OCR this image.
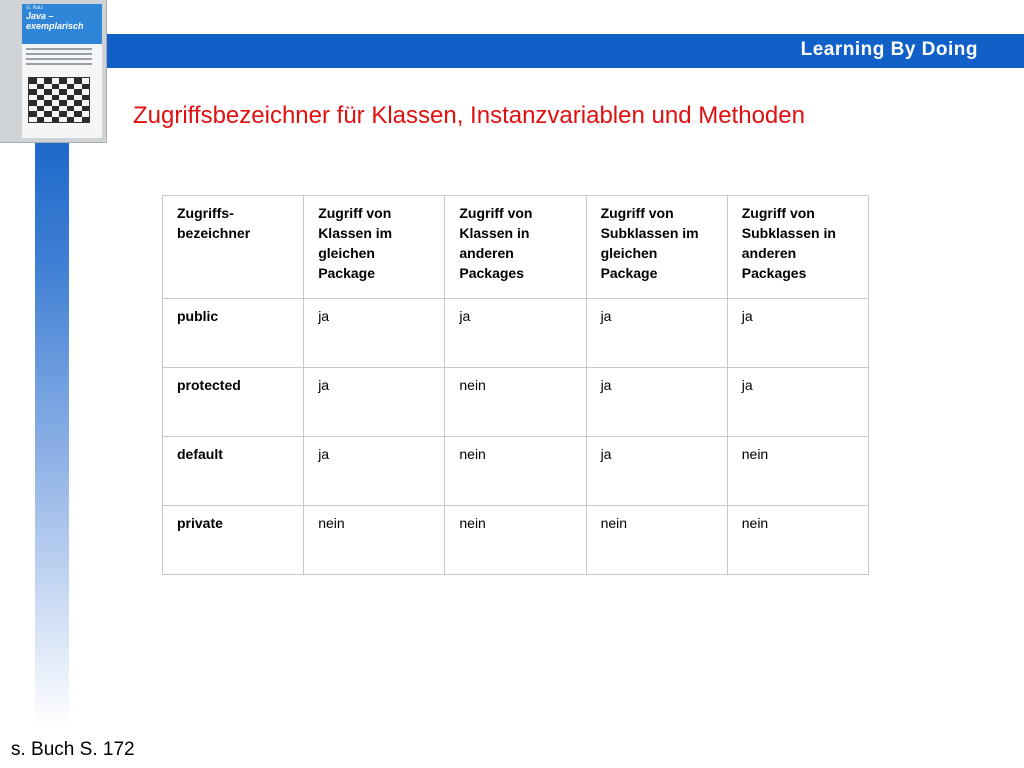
Learning By Doing
G. Ratz
Java –
exemplarisch
Zugriffsbezeichner für Klassen, Instanzvariablen und Methoden
Zugriffs-bezeichner	Zugriff von Klassen im gleichen Package	Zugriff von Klassen in anderen Packages	Zugriff von Subklassen im gleichen Package	Zugriff von Subklassen in anderen Packages
public	ja	ja	ja	ja
protected	ja	nein	ja	ja
default	ja	nein	ja	nein
private	nein	nein	nein	nein
s. Buch S. 172
